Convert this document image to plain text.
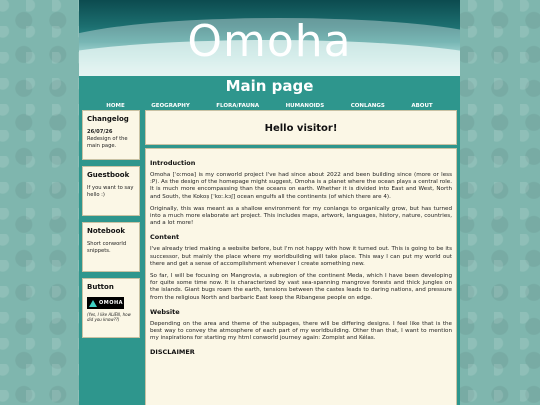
Omoha
Main page
HOME	GEOGRAPHY	FLORA/FAUNA	HUMANOIDS	CONLANGS	ABOUT
Changelog

26/07/26 Redesign of the main page.

Guestbook

If you want to say hello :)

Notebook

Short conworld snippets.

Button
OMOHA

(Yes, I like ALIEN, how did you know??)

Hello visitor!
Introduction

Omoha [ˈoːmoa] is my conworld project I've had since about 2022 and been building since (more or less :P). As the design of the homepage might suggest, Omoha is a planet where the ocean plays a central role. It is much more encompassing than the oceans on earth. Whether it is divided into East and West, North and South, the Kokoṣ [ˈkoː.kɔʃ] ocean engulfs all the continents (of which there are 4).

Originally, this was meant as a shallow environment for my conlangs to organically grow, but has turned into a much more elaborate art project. This includes maps, artwork, languages, history, nature, countries, and a lot more!

Content

I've already tried making a website before, but I'm not happy with how it turned out. This is going to be its successor, but mainly the place where my worldbuilding will take place. This way I can put my world out there and get a sense of accomplishment whenever I create something new.

So far, I will be focusing on Mangrovia, a subregion of the continent Meda, which I have been developing for quite some time now. It is characterized by vast sea-spanning mangrove forests and thick jungles on the islands. Giant bugs roam the earth, tensions between the castes leads to daring nations, and pressure from the religious North and barbaric East keep the Ribangese people on edge.

Website

Depending on the area and theme of the subpages, there will be differing designs. I feel like that is the best way to convey the atmosphere of each part of my worldbuilding. Other than that, I want to mention my inspirations for starting my html conworld journey again: Zompist and Kélas.

DISCLAIMER
